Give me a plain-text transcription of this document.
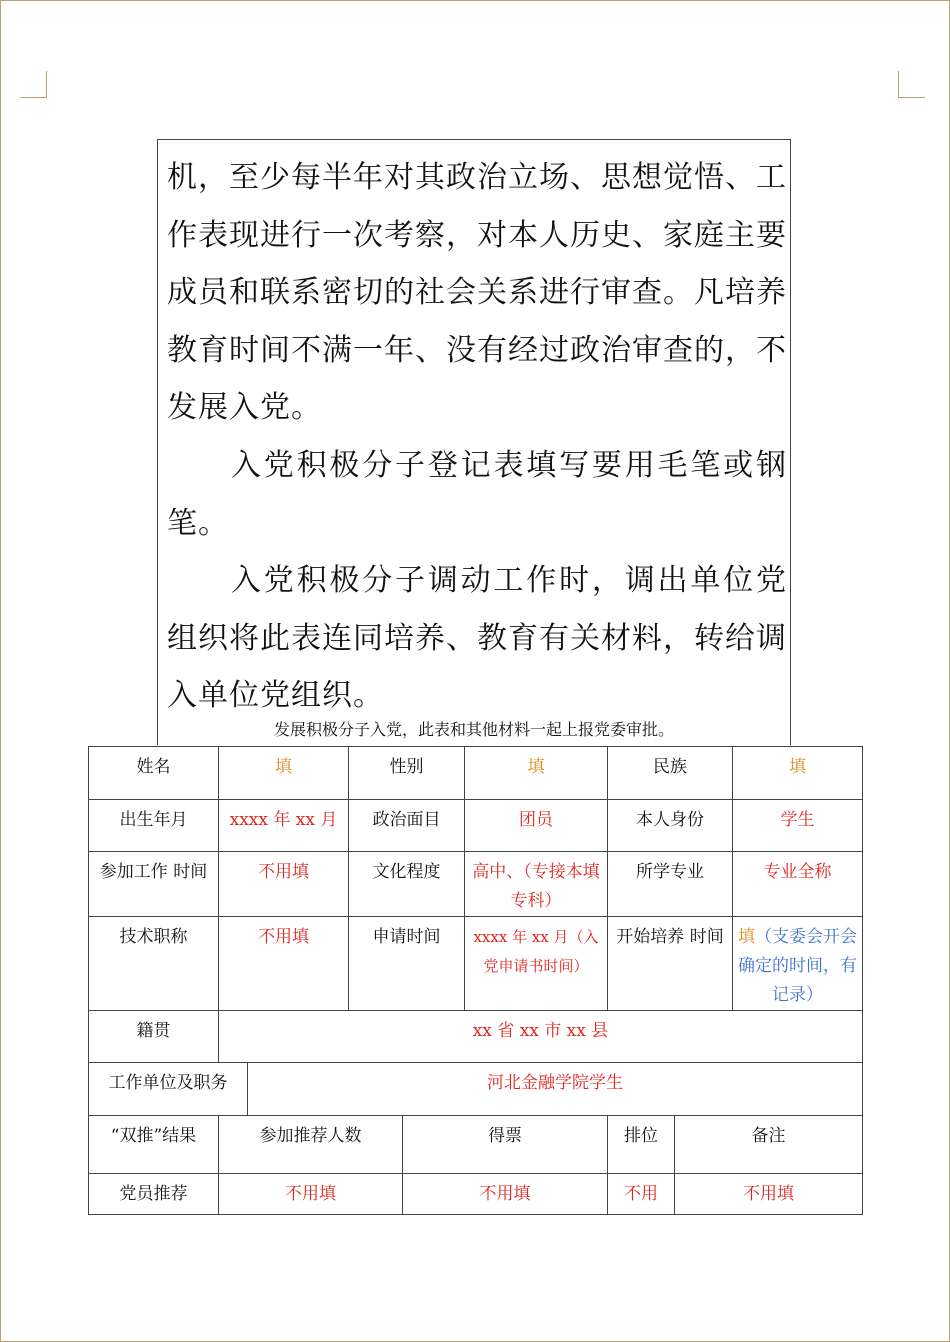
机，至少每半年对其政治立场、思想觉悟、工作表现进行一次考察，对本人历史、家庭主要成员和联系密切的社会关系进行审查。凡培养教育时间不满一年、没有经过政治审查的，不发展入党。
入党积极分子登记表填写要用毛笔或钢笔。
入党积极分子调动工作时，调出单位党组织将此表连同培养、教育有关材料，转给调入单位党组织。
发展积极分子入党，此表和其他材料一起上报党委审批。
姓名	填		性别		填	民族		填
出生年月	xxxx 年 xx 月		政治面目		团员	本人身份		学生
参加工作 时间	不用填		文化程度		高中、（专接本填专科）	所学专业		专业全称
技术职称	不用填		申请时间		xxxx 年 xx 月（入党申请书时间）	开始培养 时间		填（支委会开会确定的时间，有记录）
籍贯	xx 省 xx 市 xx 县							
工作单位及职务		河北金融学院学生						
“双推”结果	参加推荐人数			得票		排位	备注	
党员推荐	不用填			不用填		不用	不用填	
